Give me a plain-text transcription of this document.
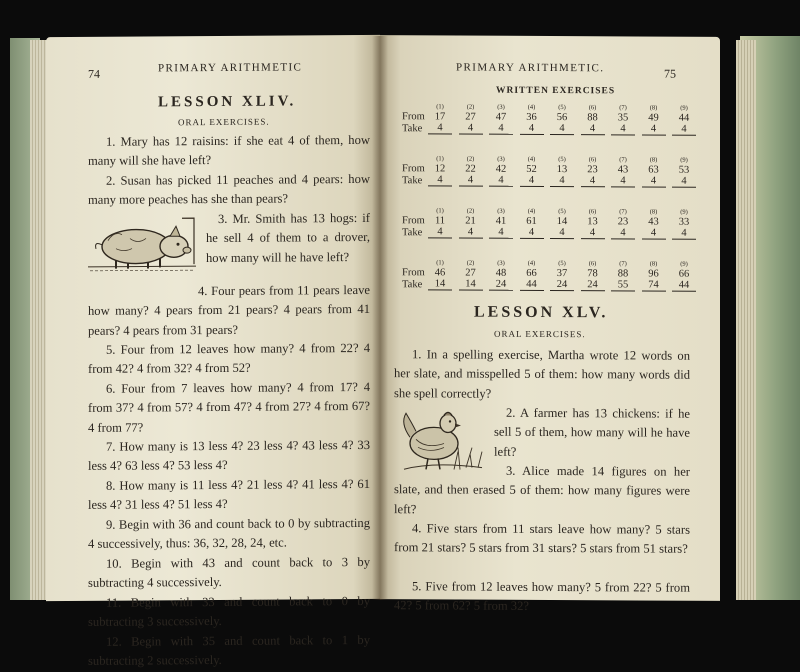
74	PRIMARY ARITHMETIC
LESSON XLIV.
ORAL EXERCISES.
1. Mary has 12 raisins: if she eat 4 of them, how many will she have left?
2. Susan has picked 11 peaches and 4 pears: how many more peaches has she than pears?
3. Mr. Smith has 13 hogs: if he sell 4 of them to a drover, how many will he have left?
4. Four pears from 11 pears leave how many? 4 pears from 21 pears? 4 pears from 41 pears? 4 pears from 31 pears?
5. Four from 12 leaves how many? 4 from 22? 4 from 42? 4 from 32? 4 from 52?
6. Four from 7 leaves how many? 4 from 17? 4 from 37? 4 from 57? 4 from 47? 4 from 27? 4 from 67? 4 from 77?
7. How many is 13 less 4? 23 less 4? 43 less 4? 33 less 4? 63 less 4? 53 less 4?
8. How many is 11 less 4? 21 less 4? 41 less 4? 61 less 4? 31 less 4? 51 less 4?
9. Begin with 36 and count back to 0 by subtracting 4 successively, thus: 36, 32, 28, 24, etc.
10. Begin with 43 and count back to 3 by subtracting 4 successively.
11. Begin with 33 and count back to 0 by subtracting 3 successively.
12. Begin with 35 and count back to 1 by subtracting 2 successively.
PRIMARY ARITHMETIC.	75
WRITTEN EXERCISES
From
Take
(1)
17
4
(2)
27
4
(3)
47
4
(4)
36
4
(5)
56
4
(6)
88
4
(7)
35
4
(8)
49
4
(9)
44
4
From
Take
(1)
12
4
(2)
22
4
(3)
42
4
(4)
52
4
(5)
13
4
(6)
23
4
(7)
43
4
(8)
63
4
(9)
53
4
From
Take
(1)
11
4
(2)
21
4
(3)
41
4
(4)
61
4
(5)
14
4
(6)
13
4
(7)
23
4
(8)
43
4
(9)
33
4
From
Take
(1)
46
14
(2)
27
14
(3)
48
24
(4)
66
44
(5)
37
24
(6)
78
24
(7)
88
55
(8)
96
74
(9)
66
44
LESSON XLV.
ORAL EXERCISES.
1. In a spelling exercise, Martha wrote 12 words on her slate, and misspelled 5 of them: how many words did she spell correctly?
2. A farmer has 13 chickens: if he sell 5 of them, how many will he have left?
3. Alice made 14 figures on her slate, and then erased 5 of them: how many figures were left?
4. Five stars from 11 stars leave how many? 5 stars from 21 stars? 5 stars from 31 stars? 5 stars from 51 stars?
5. Five from 12 leaves how many? 5 from 22? 5 from 42? 5 from 62? 5 from 32?
